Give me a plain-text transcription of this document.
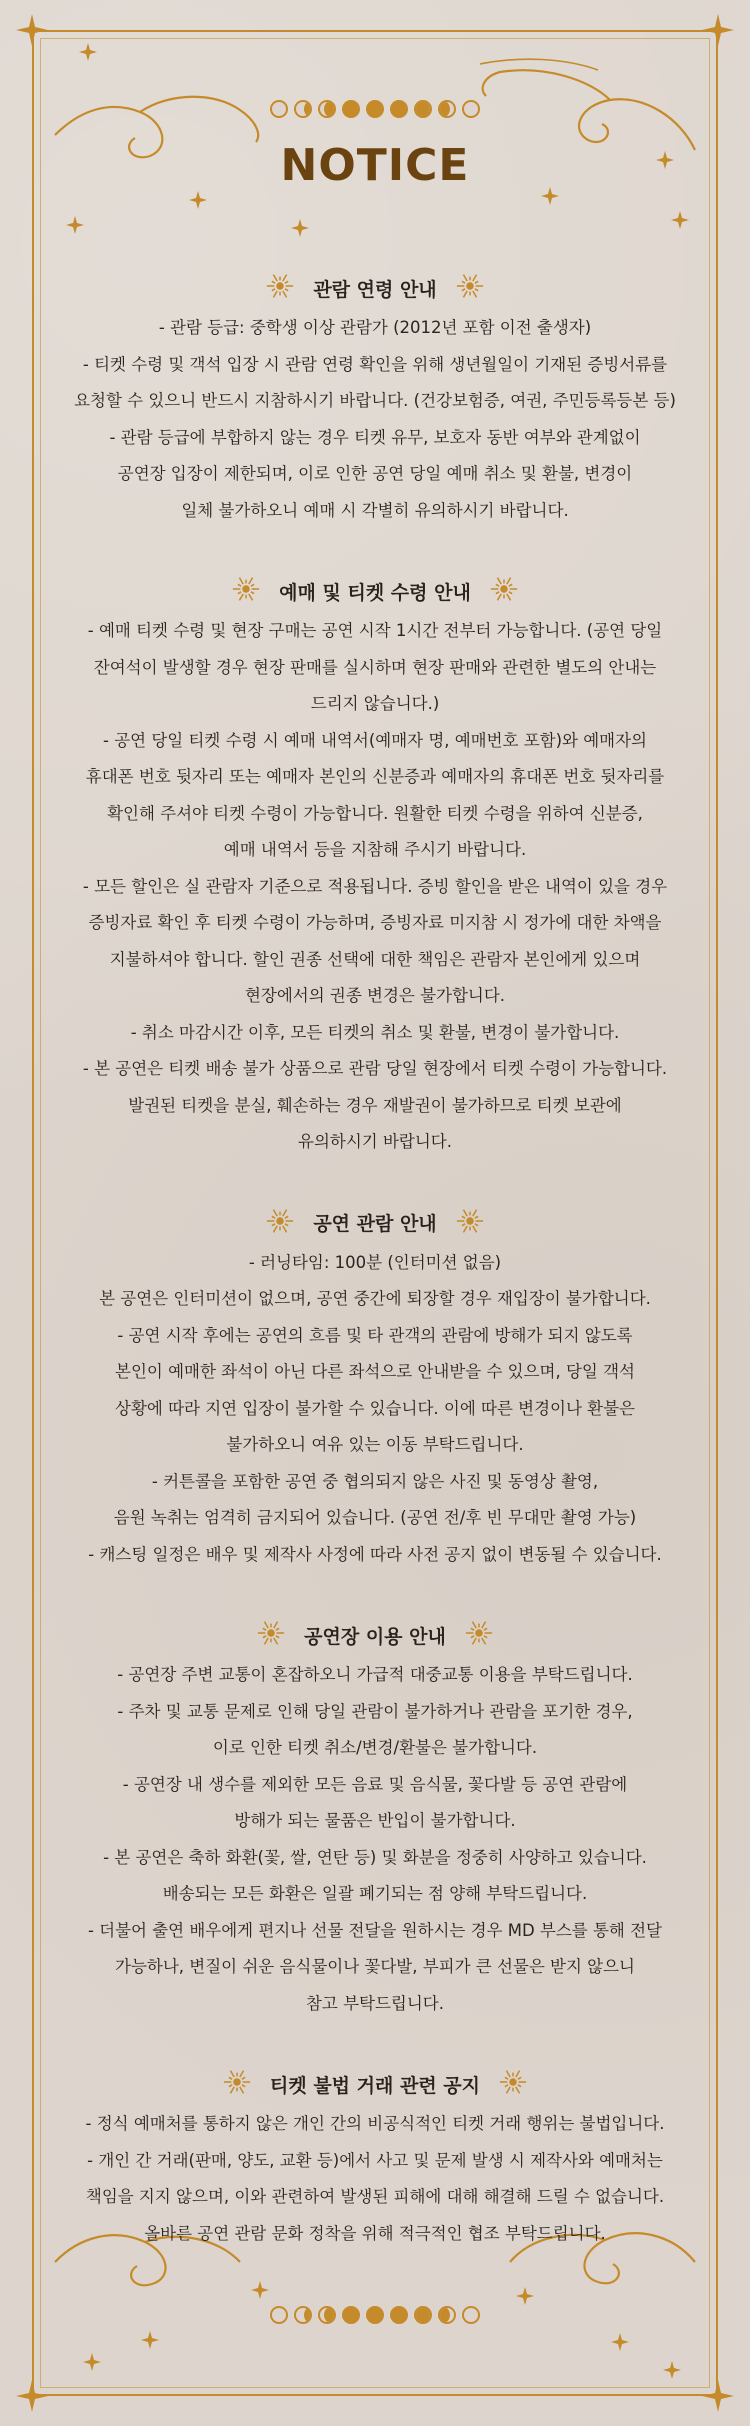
NOTICE
관람 연령 안내
- 관람 등급: 중학생 이상 관람가 (2012년 포함 이전 출생자)
- 티켓 수령 및 객석 입장 시 관람 연령 확인을 위해 생년월일이 기재된 증빙서류를
요청할 수 있으니 반드시 지참하시기 바랍니다. (건강보험증, 여권, 주민등록등본 등)
- 관람 등급에 부합하지 않는 경우 티켓 유무, 보호자 동반 여부와 관계없이
공연장 입장이 제한되며, 이로 인한 공연 당일 예매 취소 및 환불, 변경이
일체 불가하오니 예매 시 각별히 유의하시기 바랍니다.
예매 및 티켓 수령 안내
- 예매 티켓 수령 및 현장 구매는 공연 시작 1시간 전부터 가능합니다. (공연 당일
잔여석이 발생할 경우 현장 판매를 실시하며 현장 판매와 관련한 별도의 안내는
드리지 않습니다.)
- 공연 당일 티켓 수령 시 예매 내역서(예매자 명, 예매번호 포함)와 예매자의
휴대폰 번호 뒷자리 또는 예매자 본인의 신분증과 예매자의 휴대폰 번호 뒷자리를
확인해 주셔야 티켓 수령이 가능합니다. 원활한 티켓 수령을 위하여 신분증,
예매 내역서 등을 지참해 주시기 바랍니다.
- 모든 할인은 실 관람자 기준으로 적용됩니다. 증빙 할인을 받은 내역이 있을 경우
증빙자료 확인 후 티켓 수령이 가능하며, 증빙자료 미지참 시 정가에 대한 차액을
지불하셔야 합니다. 할인 권종 선택에 대한 책임은 관람자 본인에게 있으며
현장에서의 권종 변경은 불가합니다.
- 취소 마감시간 이후, 모든 티켓의 취소 및 환불, 변경이 불가합니다.
- 본 공연은 티켓 배송 불가 상품으로 관람 당일 현장에서 티켓 수령이 가능합니다.
발권된 티켓을 분실, 훼손하는 경우 재발권이 불가하므로 티켓 보관에
유의하시기 바랍니다.
공연 관람 안내
- 러닝타임: 100분 (인터미션 없음)
본 공연은 인터미션이 없으며, 공연 중간에 퇴장할 경우 재입장이 불가합니다.
- 공연 시작 후에는 공연의 흐름 및 타 관객의 관람에 방해가 되지 않도록
본인이 예매한 좌석이 아닌 다른 좌석으로 안내받을 수 있으며, 당일 객석
상황에 따라 지연 입장이 불가할 수 있습니다. 이에 따른 변경이나 환불은
불가하오니 여유 있는 이동 부탁드립니다.
- 커튼콜을 포함한 공연 중 협의되지 않은 사진 및 동영상 촬영,
음원 녹취는 엄격히 금지되어 있습니다. (공연 전/후 빈 무대만 촬영 가능)
- 캐스팅 일정은 배우 및 제작사 사정에 따라 사전 공지 없이 변동될 수 있습니다.
공연장 이용 안내
- 공연장 주변 교통이 혼잡하오니 가급적 대중교통 이용을 부탁드립니다.
- 주차 및 교통 문제로 인해 당일 관람이 불가하거나 관람을 포기한 경우,
이로 인한 티켓 취소/변경/환불은 불가합니다.
- 공연장 내 생수를 제외한 모든 음료 및 음식물, 꽃다발 등 공연 관람에
방해가 되는 물품은 반입이 불가합니다.
- 본 공연은 축하 화환(꽃, 쌀, 연탄 등) 및 화분을 정중히 사양하고 있습니다.
배송되는 모든 화환은 일괄 폐기되는 점 양해 부탁드립니다.
- 더불어 출연 배우에게 편지나 선물 전달을 원하시는 경우 MD 부스를 통해 전달
가능하나, 변질이 쉬운 음식물이나 꽃다발, 부피가 큰 선물은 받지 않으니
참고 부탁드립니다.
티켓 불법 거래 관련 공지
- 정식 예매처를 통하지 않은 개인 간의 비공식적인 티켓 거래 행위는 불법입니다.
- 개인 간 거래(판매, 양도, 교환 등)에서 사고 및 문제 발생 시 제작사와 예매처는
책임을 지지 않으며, 이와 관련하여 발생된 피해에 대해 해결해 드릴 수 없습니다.
올바른 공연 관람 문화 정착을 위해 적극적인 협조 부탁드립니다.
